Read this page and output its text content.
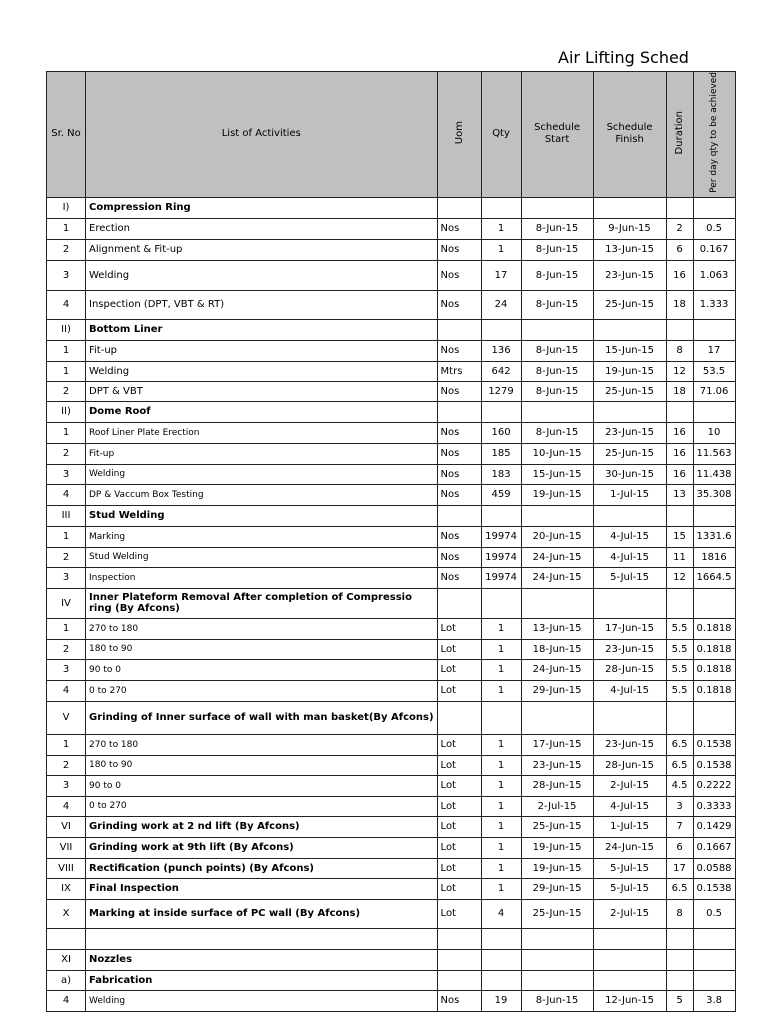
Air Lifting Sched
Sr. No	List of Activities	Uom	Qty	Schedule Start	Schedule Finish	Duration	Per day qty to be achieved
I)	Compression Ring						
1	Erection	Nos	1	8-Jun-15	9-Jun-15	2	0.5
2	Alignment & Fit-up	Nos	1	8-Jun-15	13-Jun-15	6	0.167
3	Welding	Nos	17	8-Jun-15	23-Jun-15	16	1.063
4	Inspection (DPT, VBT & RT)	Nos	24	8-Jun-15	25-Jun-15	18	1.333
II)	Bottom Liner						
1	Fit-up	Nos	136	8-Jun-15	15-Jun-15	8	17
1	Welding	Mtrs	642	8-Jun-15	19-Jun-15	12	53.5
2	DPT & VBT	Nos	1279	8-Jun-15	25-Jun-15	18	71.06
II)	Dome Roof						
1	Roof Liner Plate Erection	Nos	160	8-Jun-15	23-Jun-15	16	10
2	Fit-up	Nos	185	10-Jun-15	25-Jun-15	16	11.563
3	Welding	Nos	183	15-Jun-15	30-Jun-15	16	11.438
4	DP & Vaccum Box Testing	Nos	459	19-Jun-15	1-Jul-15	13	35.308
III	Stud Welding						
1	Marking	Nos	19974	20-Jun-15	4-Jul-15	15	1331.6
2	Stud Welding	Nos	19974	24-Jun-15	4-Jul-15	11	1816
3	Inspection	Nos	19974	24-Jun-15	5-Jul-15	12	1664.5
IV	Inner Plateform Removal After completion of Compressio ring (By Afcons)						
1	270 to 180	Lot	1	13-Jun-15	17-Jun-15	5.5	0.1818
2	180 to 90	Lot	1	18-Jun-15	23-Jun-15	5.5	0.1818
3	90 to 0	Lot	1	24-Jun-15	28-Jun-15	5.5	0.1818
4	0 to 270	Lot	1	29-Jun-15	4-Jul-15	5.5	0.1818
V	Grinding of Inner surface of wall with man basket(By Afcons)						
1	270 to 180	Lot	1	17-Jun-15	23-Jun-15	6.5	0.1538
2	180 to 90	Lot	1	23-Jun-15	28-Jun-15	6.5	0.1538
3	90 to 0	Lot	1	28-Jun-15	2-Jul-15	4.5	0.2222
4	0 to 270	Lot	1	2-Jul-15	4-Jul-15	3	0.3333
VI	Grinding work at 2 nd lift (By Afcons)	Lot	1	25-Jun-15	1-Jul-15	7	0.1429
VII	Grinding work at 9th lift (By Afcons)	Lot	1	19-Jun-15	24-Jun-15	6	0.1667
VIII	Rectification (punch points) (By Afcons)	Lot	1	19-Jun-15	5-Jul-15	17	0.0588
IX	Final Inspection	Lot	1	29-Jun-15	5-Jul-15	6.5	0.1538
X	Marking at inside surface of PC wall (By Afcons)	Lot	4	25-Jun-15	2-Jul-15	8	0.5

XI	Nozzles						
a)	Fabrication						
4	Welding	Nos	19	8-Jun-15	12-Jun-15	5	3.8
